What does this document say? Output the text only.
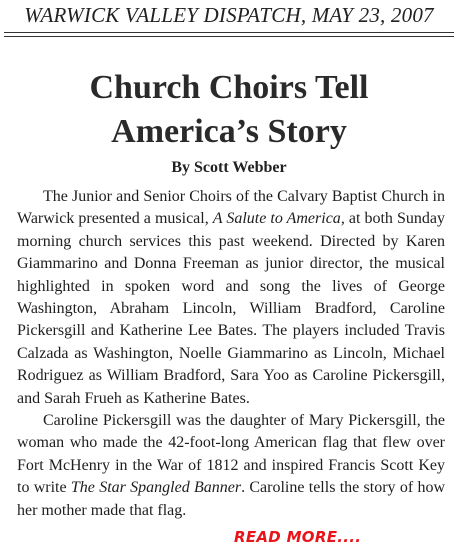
WARWICK VALLEY DISPATCH, MAY 23, 2007
Church Choirs Tell
America’s Story
By Scott Webber

The Junior and Senior Choirs of the Calvary Baptist Church in Warwick presented a musical, A Salute to America, at both Sunday morning church services this past weekend. Directed by Karen Giammarino and Donna Freeman as junior director, the musical highlighted in spoken word and song the lives of George Washington, Abraham Lincoln, William Bradford, Caroline Pickersgill and Katherine Lee Bates. The players included Travis Calzada as Washington, Noelle Giammarino as Lincoln, Michael Rodriguez as William Bradford, Sara Yoo as Caroline Pickersgill, and Sarah Frueh as Katherine Bates.

Caroline Pickersgill was the daughter of Mary Pickersgill, the woman who made the 42-foot-long American flag that flew over Fort McHenry in the War of 1812 and inspired Francis Scott Key to write The Star Spangled Banner. Caroline tells the story of how her mother made that flag.

READ MORE....
